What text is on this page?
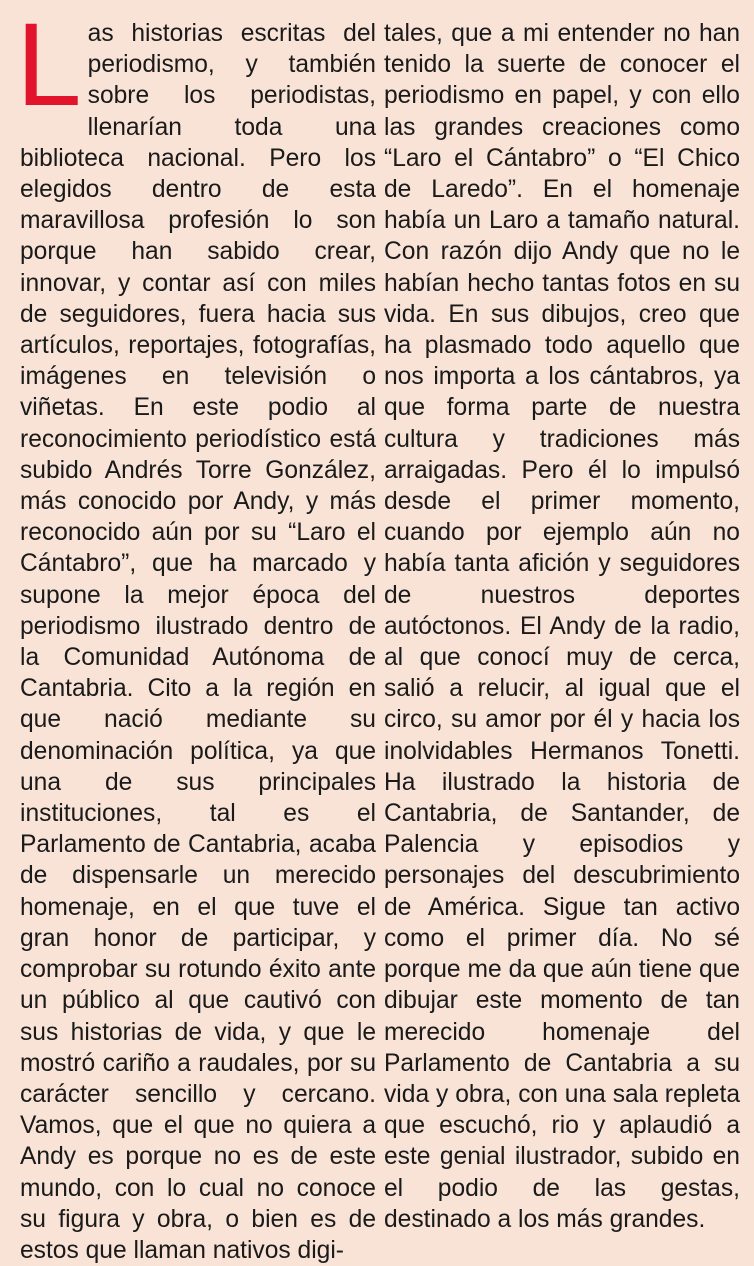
Las historias escritas del periodismo, y también sobre los periodistas, llenarían toda una biblioteca nacional. Pero los elegidos dentro de esta maravillosa profesión lo son porque han sabido crear, innovar, y contar así con miles de seguidores, fuera hacia sus artículos, reportajes, fotografías, imágenes en televisión o viñetas. En este podio al reconocimiento periodístico está subido Andrés Torre González, más conocido por Andy, y más reconocido aún por su “Laro el Cántabro”, que ha marcado y supone la mejor época del periodismo ilustrado dentro de la Comunidad Autónoma de Cantabria. Cito a la región en que nació mediante su denominación política, ya que una de sus principales instituciones, tal es el Parlamento de Cantabria, acaba de dispensarle un merecido homenaje, en el que tuve el gran honor de participar, y comprobar su rotundo éxito ante un público al que cautivó con sus historias de vida, y que le mostró cariño a raudales, por su carácter sencillo y cercano. Vamos, que el que no quiera a Andy es porque no es de este mundo, con lo cual no conoce su figura y obra, o bien es de estos que llaman nativos digi-

tales, que a mi entender no han tenido la suerte de conocer el periodismo en papel, y con ello las grandes creaciones como “Laro el Cántabro” o “El Chico de Laredo”. En el homenaje había un Laro a tamaño natural. Con razón dijo Andy que no le habían hecho tantas fotos en su vida. En sus dibujos, creo que ha plasmado todo aquello que nos importa a los cántabros, ya que forma parte de nuestra cultura y tradiciones más arraigadas. Pero él lo impulsó desde el primer momento, cuando por ejemplo aún no había tanta afición y seguidores de nuestros deportes autóctonos. El Andy de la radio, al que conocí muy de cerca, salió a relucir, al igual que el circo, su amor por él y hacia los inolvidables Hermanos Tonetti. Ha ilustrado la historia de Cantabria, de Santander, de Palencia y episodios y personajes del descubrimiento de América. Sigue tan activo como el primer día. No sé porque me da que aún tiene que dibujar este momento de tan merecido homenaje del Parlamento de Cantabria a su vida y obra, con una sala repleta que escuchó, rio y aplaudió a este genial ilustrador, subido en el podio de las gestas, destinado a los más grandes.
